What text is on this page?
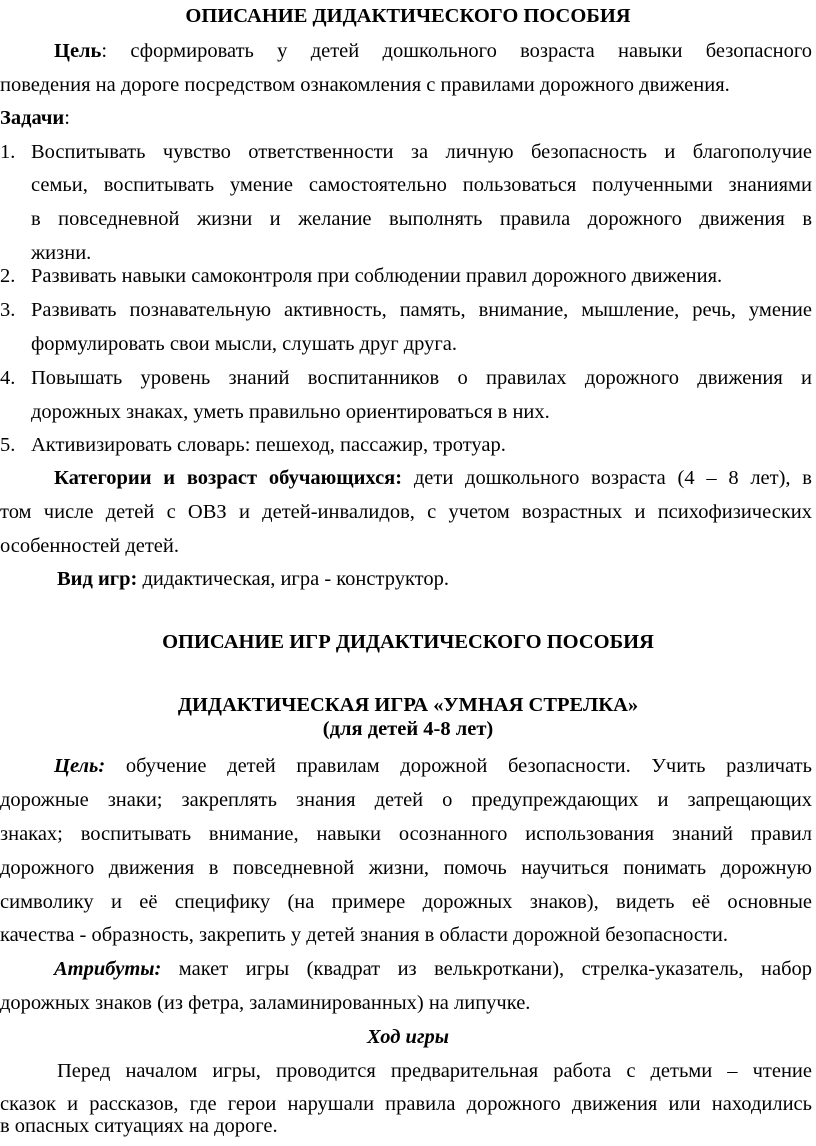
ОПИСАНИЕ ДИДАКТИЧЕСКОГО ПОСОБИЯ
Цель: сформировать у детей дошкольного возраста навыки безопасного
поведения на дороге посредством ознакомления с правилами дорожного движения.
Задачи:
1. Воспитывать чувство ответственности за личную безопасность и благополучие
семьи, воспитывать умение самостоятельно пользоваться полученными знаниями
в повседневной жизни и желание выполнять правила дорожного движения в
жизни.
2. Развивать навыки самоконтроля при соблюдении правил дорожного движения.
3. Развивать познавательную активность, память, внимание, мышление, речь, умение
формулировать свои мысли, слушать друг друга.
4. Повышать уровень знаний воспитанников о правилах дорожного движения и
дорожных знаках, уметь правильно ориентироваться в них.
5. Активизировать словарь: пешеход, пассажир, тротуар.
Категории и возраст обучающихся: дети дошкольного возраста (4 – 8 лет), в
том числе детей с ОВЗ и детей-инвалидов, с учетом возрастных и психофизических
особенностей детей.
Вид игр: дидактическая, игра - конструктор.
ОПИСАНИЕ ИГР ДИДАКТИЧЕСКОГО ПОСОБИЯ
ДИДАКТИЧЕСКАЯ ИГРА «УМНАЯ СТРЕЛКА»
(для детей 4-8 лет)
Цель: обучение детей правилам дорожной безопасности. Учить различать
дорожные знаки; закреплять знания детей о предупреждающих и запрещающих
знаках; воспитывать внимание, навыки осознанного использования знаний правил
дорожного движения в повседневной жизни, помочь научиться понимать дорожную
символику и её специфику (на примере дорожных знаков), видеть её основные
качества - образность, закрепить у детей знания в области дорожной безопасности.
Атрибуты: макет игры (квадрат из велькроткани), стрелка-указатель, набор
дорожных знаков (из фетра, заламинированных) на липучке.
Ход игры
Перед началом игры, проводится предварительная работа с детьми – чтение
сказок и рассказов, где герои нарушали правила дорожного движения или находились
в опасных ситуациях на дороге.
